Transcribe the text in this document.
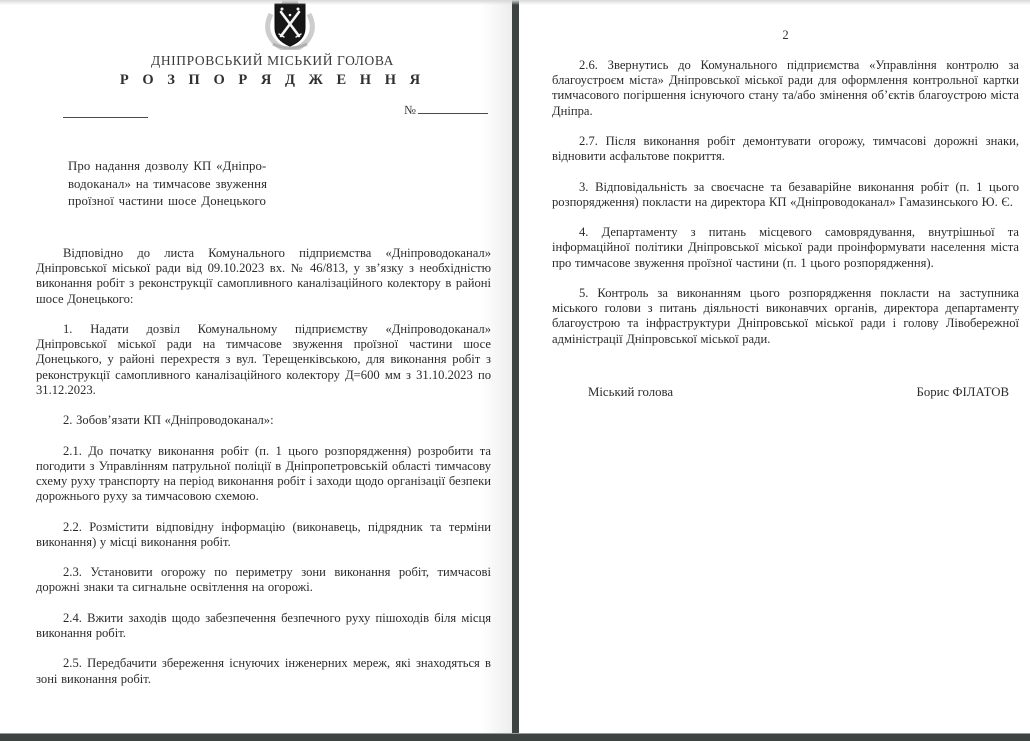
ДНІПРОВСЬКИЙ МІСЬКИЙ ГОЛОВА
Р О З П О Р Я Д Ж Е Н Н Я
№
Про надання дозволу КП «Дніпро-
водоканал» на тимчасове звуження
проїзної частини шосе Донецького

Відповідно до листа Комунального підприємства «Дніпроводоканал» Дніпровської міської ради від 09.10.2023 вх. № 46/813, у зв’язку з необхідністю виконання робіт з реконструкції самопливного каналізаційного колектору в районі шосе Донецького:

1. Надати дозвіл Комунальному підприємству «Дніпроводоканал» Дніпровської міської ради на тимчасове звуження проїзної частини шосе Донецького, у районі перехрестя з вул. Терещенківською, для виконання робіт з реконструкції самопливного каналізаційного колектору Д=600 мм з 31.10.2023 по 31.12.2023.

2. Зобов’язати КП «Дніпроводоканал»:

2.1. До початку виконання робіт (п. 1 цього розпорядження) розробити та погодити з Управлінням патрульної поліції в Дніпропетровській області тимчасову схему руху транспорту на період виконання робіт і заходи щодо організації безпеки дорожнього руху за тимчасовою схемою.

2.2. Розмістити відповідну інформацію (виконавець, підрядник та терміни виконання) у місці виконання робіт.

2.3. Установити огорожу по периметру зони виконання робіт, тимчасові дорожні знаки та сигнальне освітлення на огорожі.

2.4. Вжити заходів щодо забезпечення безпечного руху пішоходів біля місця виконання робіт.

2.5. Передбачити збереження існуючих інженерних мереж, які знаходяться в зоні виконання робіт.

2

2.6. Звернутись до Комунального підприємства «Управління контролю за благоустроєм міста» Дніпровської міської ради для оформлення контрольної картки тимчасового погіршення існуючого стану та/або змінення об’єктів благоустрою міста Дніпра.

2.7. Після виконання робіт демонтувати огорожу, тимчасові дорожні знаки, відновити асфальтове покриття.

3. Відповідальність за своєчасне та безаварійне виконання робіт (п. 1 цього розпорядження) покласти на директора КП «Дніпроводоканал» Гамазинського Ю. Є.

4. Департаменту з питань місцевого самоврядування, внутрішньої та інформаційної політики Дніпровської міської ради проінформувати населення міста про тимчасове звуження проїзної частини (п. 1 цього розпорядження).

5. Контроль за виконанням цього розпорядження покласти на заступника міського голови з питань діяльності виконавчих органів, директора департаменту благоустрою та інфраструктури Дніпровської міської ради і голову Лівобережної адміністрації Дніпровської міської ради.

Міський голова	Борис ФІЛАТОВ
